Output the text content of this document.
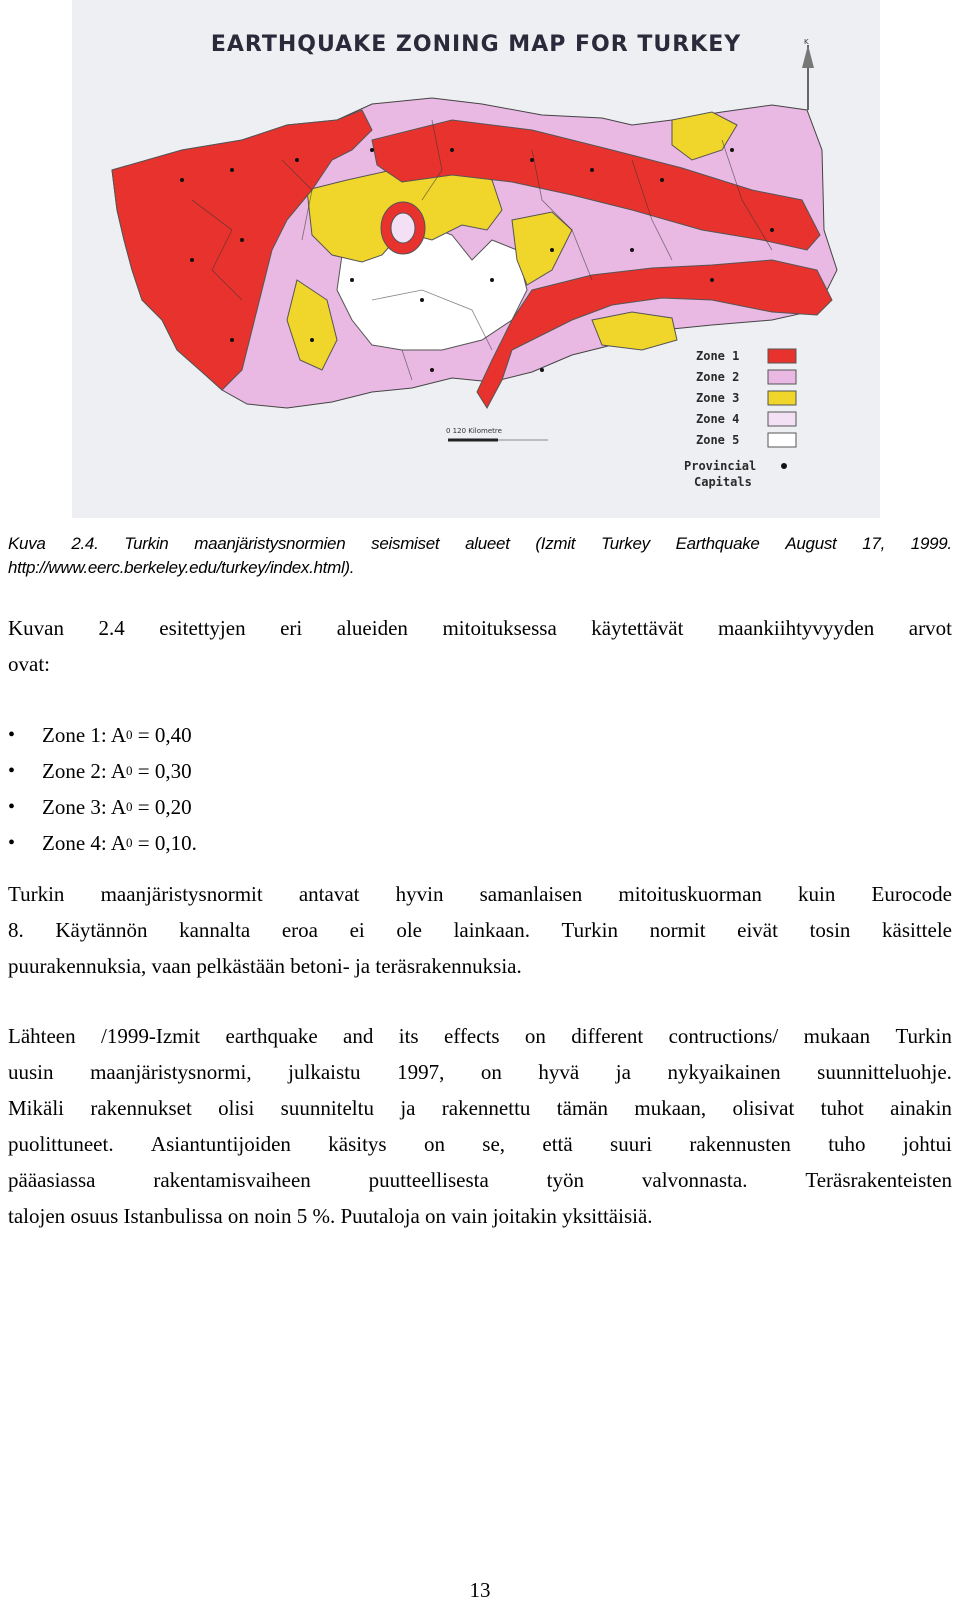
EARTHQUAKE ZONING MAP FOR TURKEY	K
Zone 1
Zone 2
Zone 3
Zone 4
Zone 5
Provincial
Capitals
0 120 Kilometre
Kuva 2.4. Turkin maanjäristysnormien seismiset alueet (Izmit Turkey Earthquake August 17, 1999.
http://www.eerc.berkeley.edu/turkey/index.html).
Kuvan 2.4 esitettyjen eri alueiden mitoituksessa käytettävät maankiihtyvyyden arvot
ovat:
•	Zone 1: A 0 = 0,40
•	Zone 2: A 0 = 0,30
•	Zone 3: A 0 = 0,20
•	Zone 4: A 0 = 0,10.
Turkin maanjäristysnormit antavat hyvin samanlaisen mitoituskuorman kuin Eurocode
8. Käytännön kannalta eroa ei ole lainkaan. Turkin normit eivät tosin käsittele
puurakennuksia, vaan pelkästään betoni- ja teräsrakennuksia.
Lähteen /1999-Izmit earthquake and its effects on different contructions/ mukaan Turkin
uusin maanjäristysnormi, julkaistu 1997, on hyvä ja nykyaikainen suunnitteluohje.
Mikäli rakennukset olisi suunniteltu ja rakennettu tämän mukaan, olisivat tuhot ainakin
puolittuneet. Asiantuntijoiden käsitys on se, että suuri rakennusten tuho johtui
pääasiassa	rakentamisvaiheen	puutteellisesta	työn	valvonnasta.	Teräsrakenteisten
talojen osuus Istanbulissa on noin 5 %. Puutaloja on vain joitakin yksittäisiä.
13
